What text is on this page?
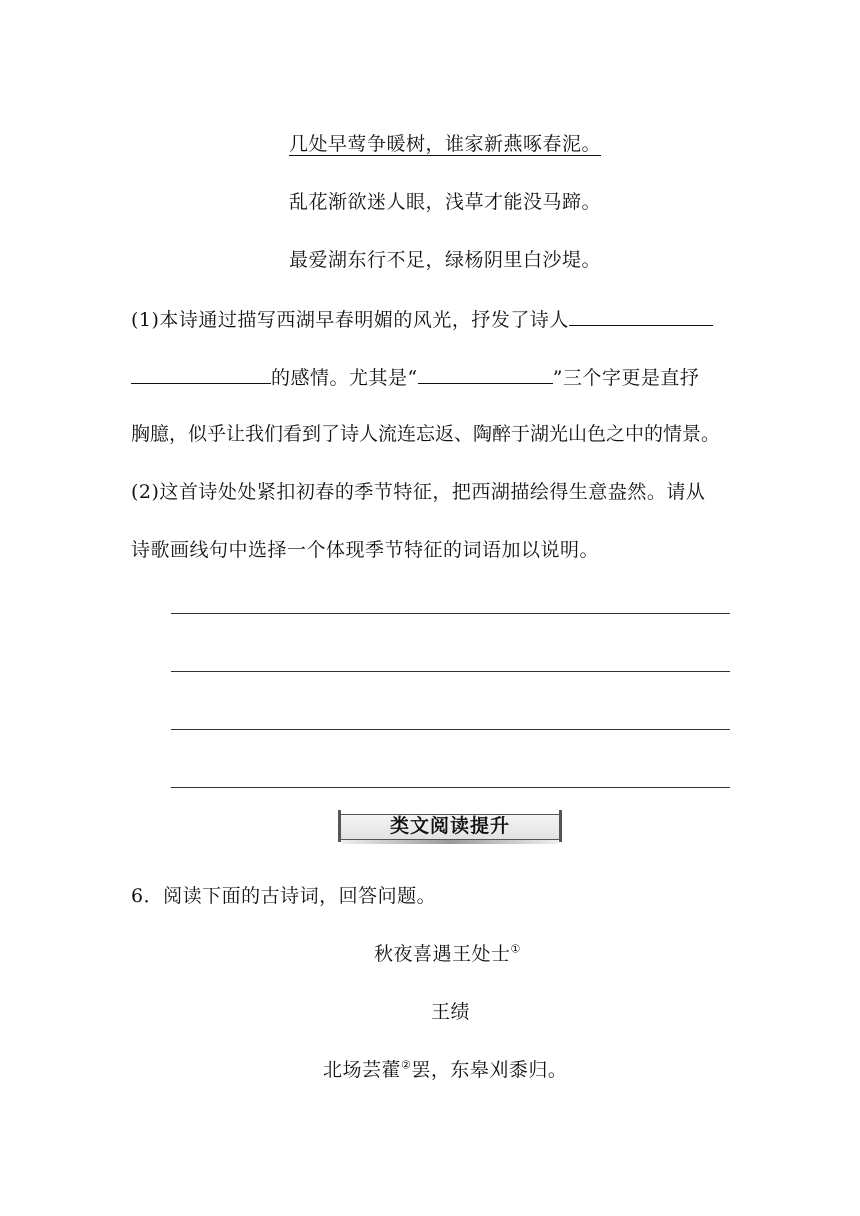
几处早莺争暖树，谁家新燕啄春泥。
乱花渐欲迷人眼，浅草才能没马蹄。
最爱湖东行不足，绿杨阴里白沙堤。
(1)本诗通过描写西湖早春明媚的风光，抒发了诗人
的感情。尤其是“	”三个字更是直抒
胸臆，似乎让我们看到了诗人流连忘返、陶醉于湖光山色之中的情景。
(2)这首诗处处紧扣初春的季节特征，把西湖描绘得生意盎然。请从
诗歌画线句中选择一个体现季节特征的词语加以说明。
类文阅读提升
6．阅读下面的古诗词，回答问题。
秋夜喜遇王处士①
王绩
北场芸藿②罢，东皋刈黍归。
